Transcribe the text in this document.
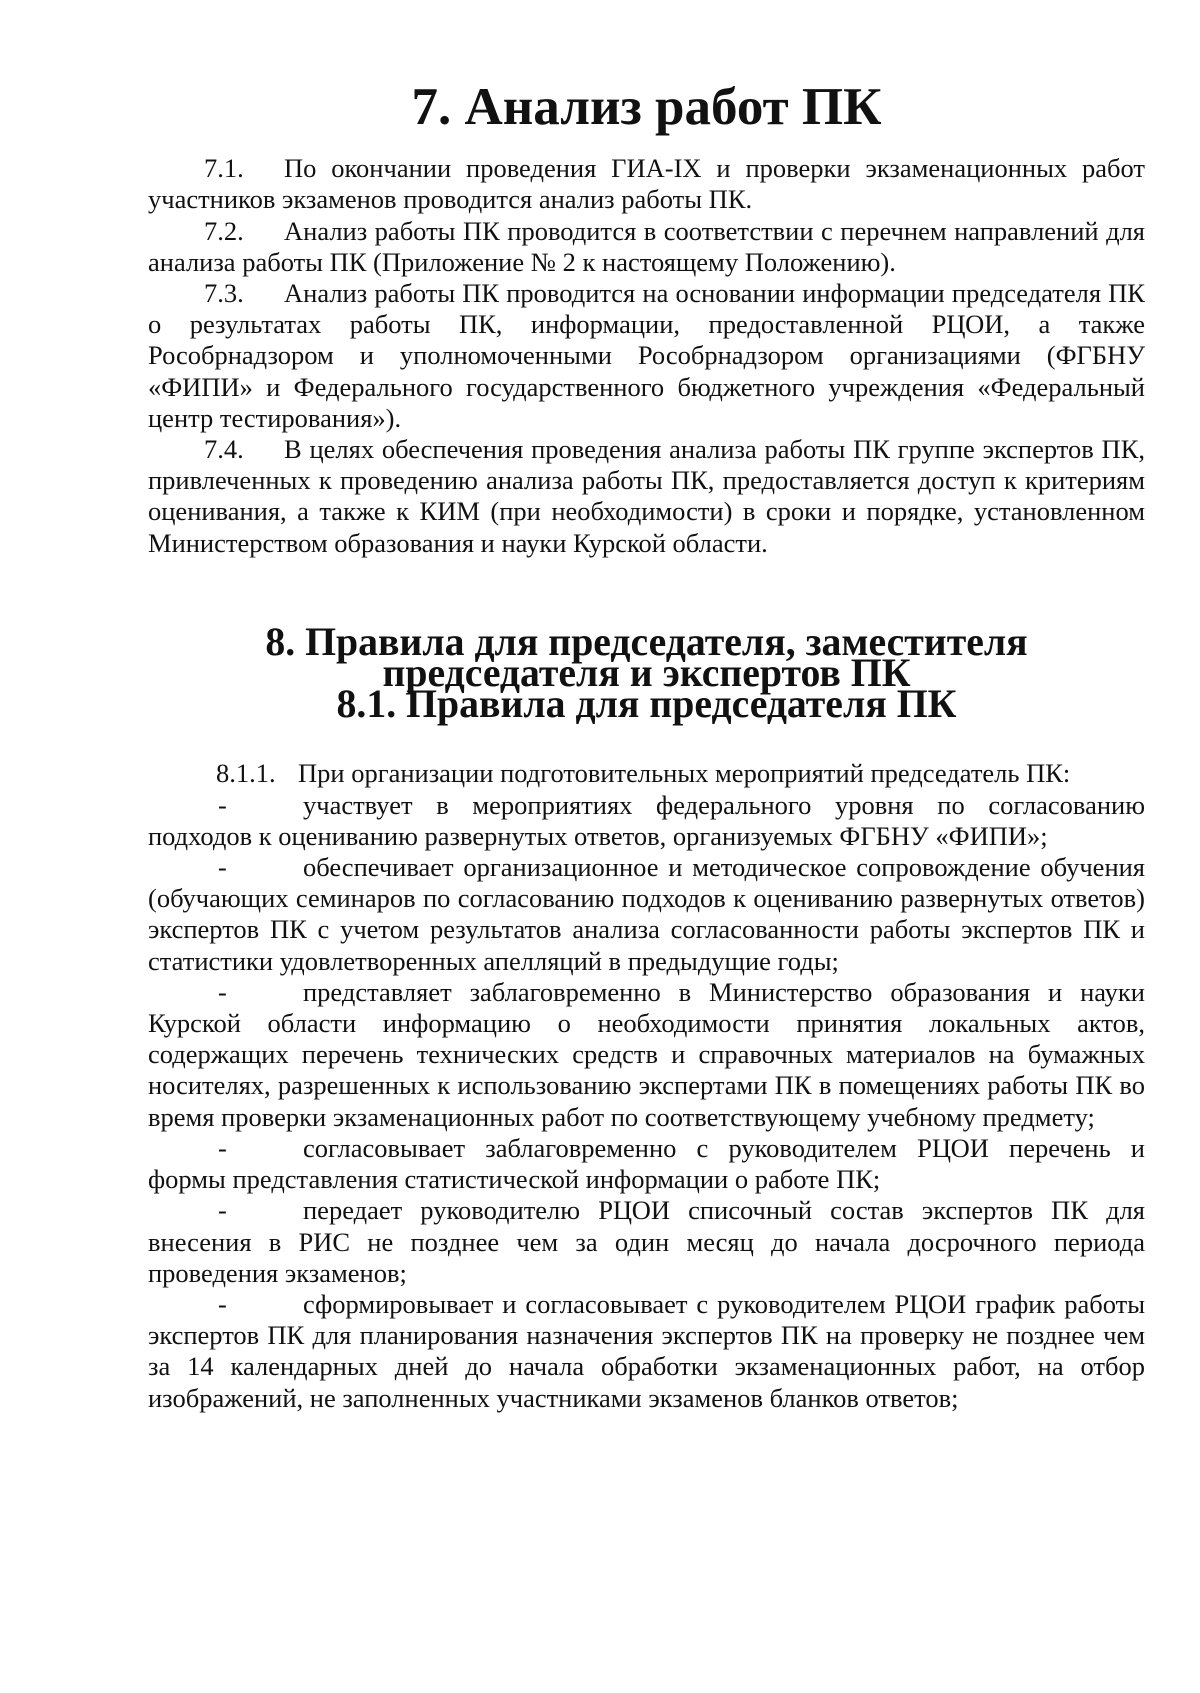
7. Анализ работ ПК

7.1. По окончании проведения ГИА-IX и проверки экзаменационных работ участников экзаменов проводится анализ работы ПК.

7.2. Анализ работы ПК проводится в соответствии с перечнем направлений для анализа работы ПК (Приложение № 2 к настоящему Положению).

7.3. Анализ работы ПК проводится на основании информации председателя ПК о результатах работы ПК, информации, предоставленной РЦОИ, а также Рособрнадзором и уполномоченными Рособрнадзором организациями (ФГБНУ «ФИПИ» и Федерального государственного бюджетного учреждения «Федеральный центр тестирования»).

7.4. В целях обеспечения проведения анализа работы ПК группе экспертов ПК, привлеченных к проведению анализа работы ПК, предоставляется доступ к критериям оценивания, а также к КИМ (при необходимости) в сроки и порядке, установленном Министерством образования и науки Курской области.

8. Правила для председателя, заместителя председателя и экспертов ПК
8.1. Правила для председателя ПК

8.1.1. При организации подготовительных мероприятий председатель ПК:

-	участвует в мероприятиях федерального уровня по согласованию подходов к оцениванию развернутых ответов, организуемых ФГБНУ «ФИПИ»;

-	обеспечивает организационное и методическое сопровождение обучения (обучающих семинаров по согласованию подходов к оцениванию развернутых ответов) экспертов ПК с учетом результатов анализа согласованности работы экспертов ПК и статистики удовлетворенных апелляций в предыдущие годы;

-	представляет заблаговременно в Министерство образования и науки Курской области информацию о необходимости принятия локальных актов, содержащих перечень технических средств и справочных материалов на бумажных носителях, разрешенных к использованию экспертами ПК в помещениях работы ПК во время проверки экзаменационных работ по соответствующему учебному предмету;

-	согласовывает заблаговременно с руководителем РЦОИ перечень и формы представления статистической информации о работе ПК;

-	передает руководителю РЦОИ списочный состав экспертов ПК для внесения в РИС не позднее чем за один месяц до начала досрочного периода проведения экзаменов;

-	сформировывает и согласовывает с руководителем РЦОИ график работы экспертов ПК для планирования назначения экспертов ПК на проверку не позднее чем за 14 календарных дней до начала обработки экзаменационных работ, на отбор изображений, не заполненных участниками экзаменов бланков ответов;
